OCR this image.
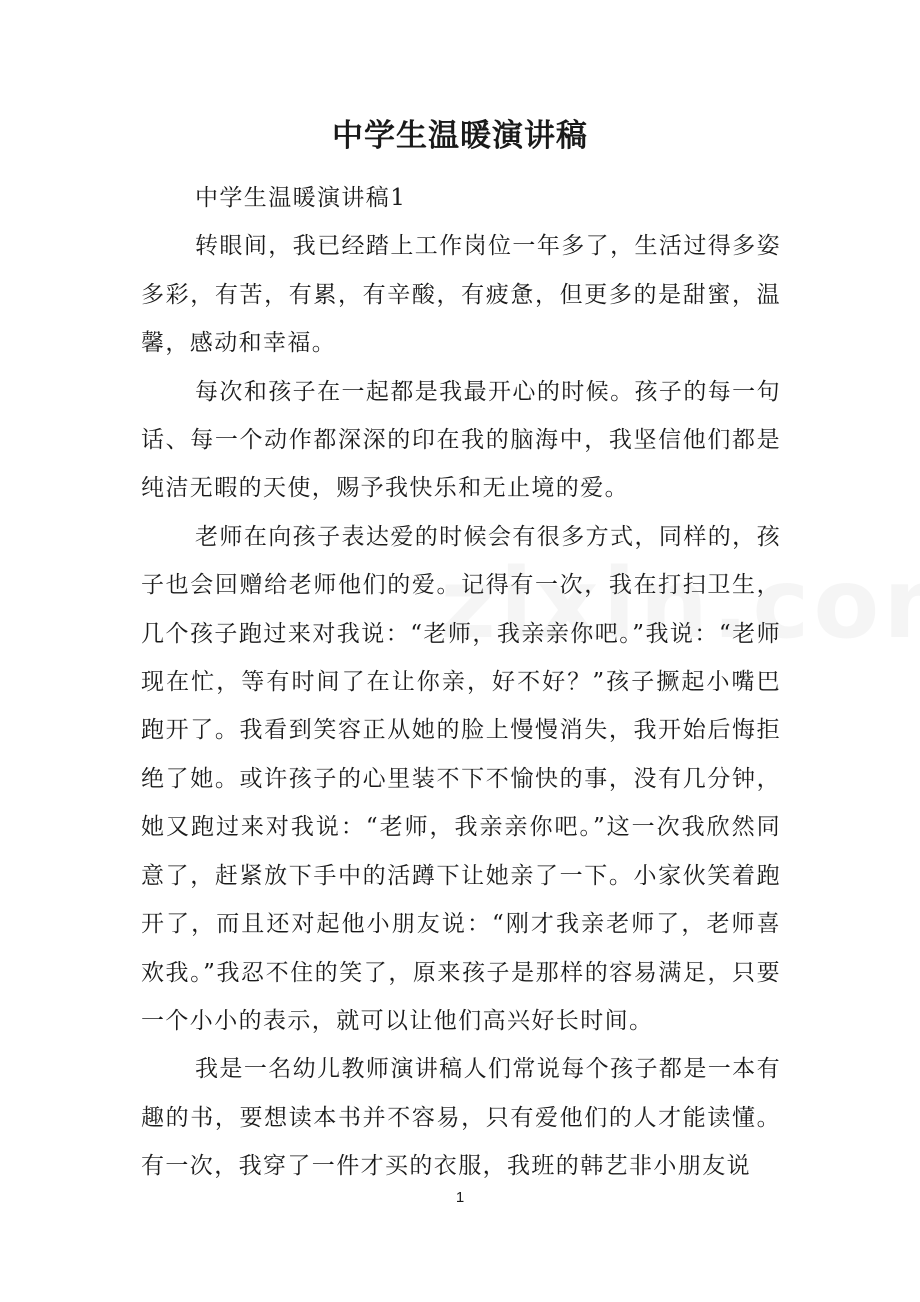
中学生温暖演讲稿

中学生温暖演讲稿1

转眼间，我已经踏上工作岗位一年多了，生活过得多姿多彩，有苦，有累，有辛酸，有疲惫，但更多的是甜蜜，温馨，感动和幸福。

每次和孩子在一起都是我最开心的时候。孩子的每一句话、每一个动作都深深的印在我的脑海中，我坚信他们都是纯洁无暇的天使，赐予我快乐和无止境的爱。

老师在向孩子表达爱的时候会有很多方式，同样的，孩子也会回赠给老师他们的爱。记得有一次，我在打扫卫生，几个孩子跑过来对我说：“老师，我亲亲你吧。”我说：“老师现在忙，等有时间了在让你亲，好不好？”孩子撅起小嘴巴跑开了。我看到笑容正从她的脸上慢慢消失，我开始后悔拒绝了她。或许孩子的心里装不下不愉快的事，没有几分钟，她又跑过来对我说：“老师，我亲亲你吧。”这一次我欣然同意了，赶紧放下手中的活蹲下让她亲了一下。小家伙笑着跑开了，而且还对起他小朋友说：“刚才我亲老师了，老师喜欢我。”我忍不住的笑了，原来孩子是那样的容易满足，只要一个小小的表示，就可以让他们高兴好长时间。

我是一名幼儿教师演讲稿人们常说每个孩子都是一本有趣的书，要想读本书并不容易，只有爱他们的人才能读懂。有一次，我穿了一件才买的衣服，我班的韩艺非小朋友说

1
